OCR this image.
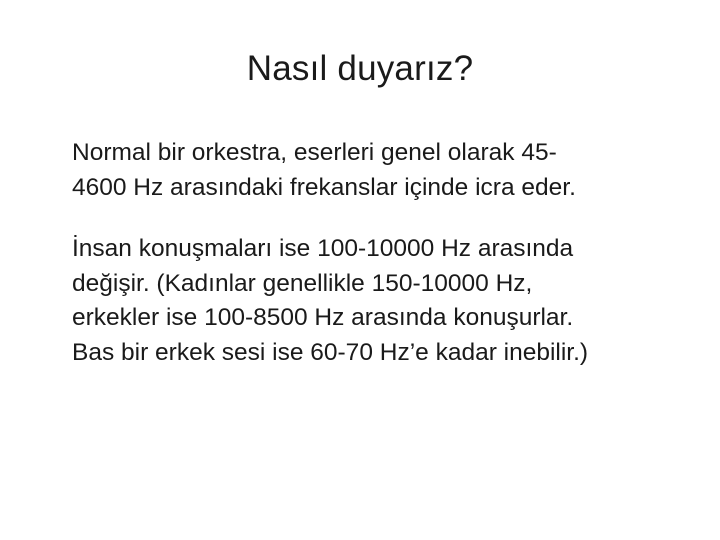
Nasıl duyarız?

Normal bir orkestra, eserleri genel olarak 45-
4600 Hz arasındaki frekanslar içinde icra eder.

İnsan konuşmaları ise 100-10000 Hz arasında
değişir. (Kadınlar genellikle 150-10000 Hz,
erkekler ise 100-8500 Hz arasında konuşurlar.
Bas bir erkek sesi ise 60-70 Hz’e kadar inebilir.)
